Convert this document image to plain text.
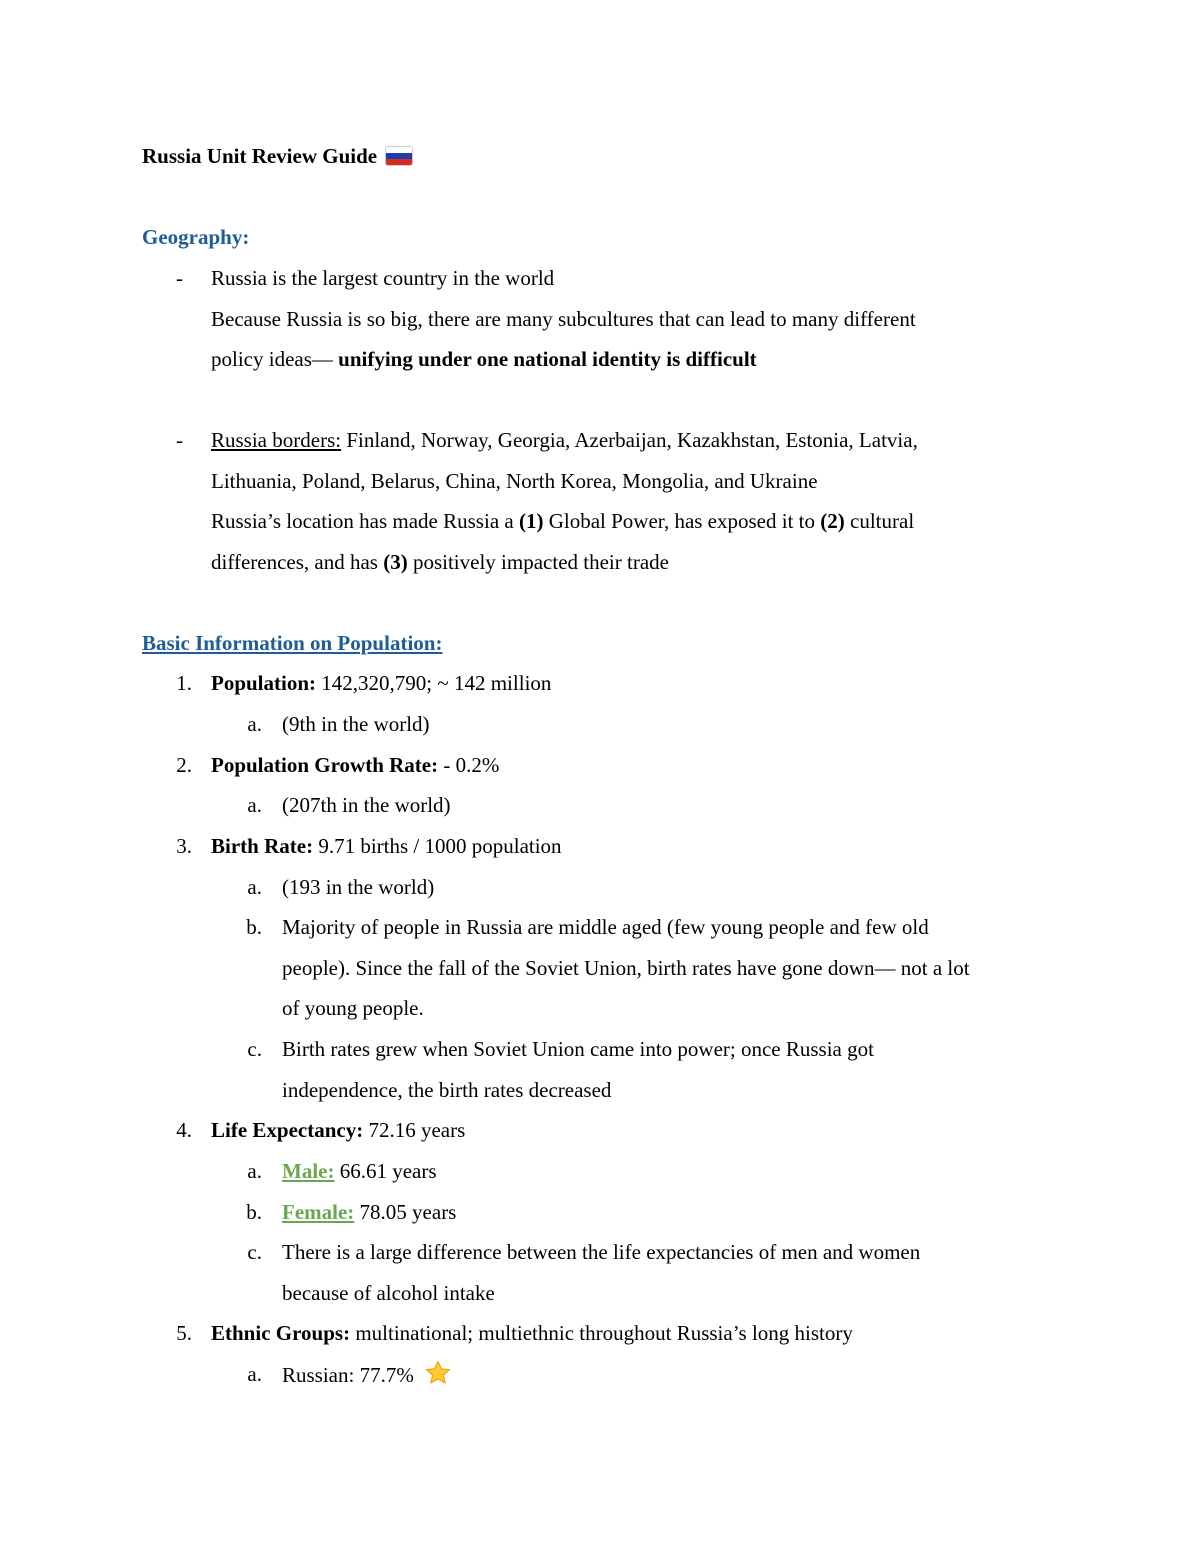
Russia Unit Review Guide
Geography:
- Russia is the largest country in the world
Because Russia is so big, there are many subcultures that can lead to many different
policy ideas— unifying under one national identity is difficult
- Russia borders: Finland, Norway, Georgia, Azerbaijan, Kazakhstan, Estonia, Latvia,
Lithuania, Poland, Belarus, China, North Korea, Mongolia, and Ukraine
Russia’s location has made Russia a (1) Global Power, has exposed it to (2) cultural
differences, and has (3) positively impacted their trade
Basic Information on Population:
1. Population: 142,320,790; ~ 142 million
a. (9th in the world)
2. Population Growth Rate: - 0.2%
a. (207th in the world)
3. Birth Rate: 9.71 births / 1000 population
a. (193 in the world)
b. Majority of people in Russia are middle aged (few young people and few old
people). Since the fall of the Soviet Union, birth rates have gone down— not a lot
of young people.
c. Birth rates grew when Soviet Union came into power; once Russia got
independence, the birth rates decreased
4. Life Expectancy: 72.16 years
a. Male: 66.61 years
b. Female: 78.05 years
c. There is a large difference between the life expectancies of men and women
because of alcohol intake
5. Ethnic Groups: multinational; multiethnic throughout Russia’s long history
a. Russian: 77.7%
